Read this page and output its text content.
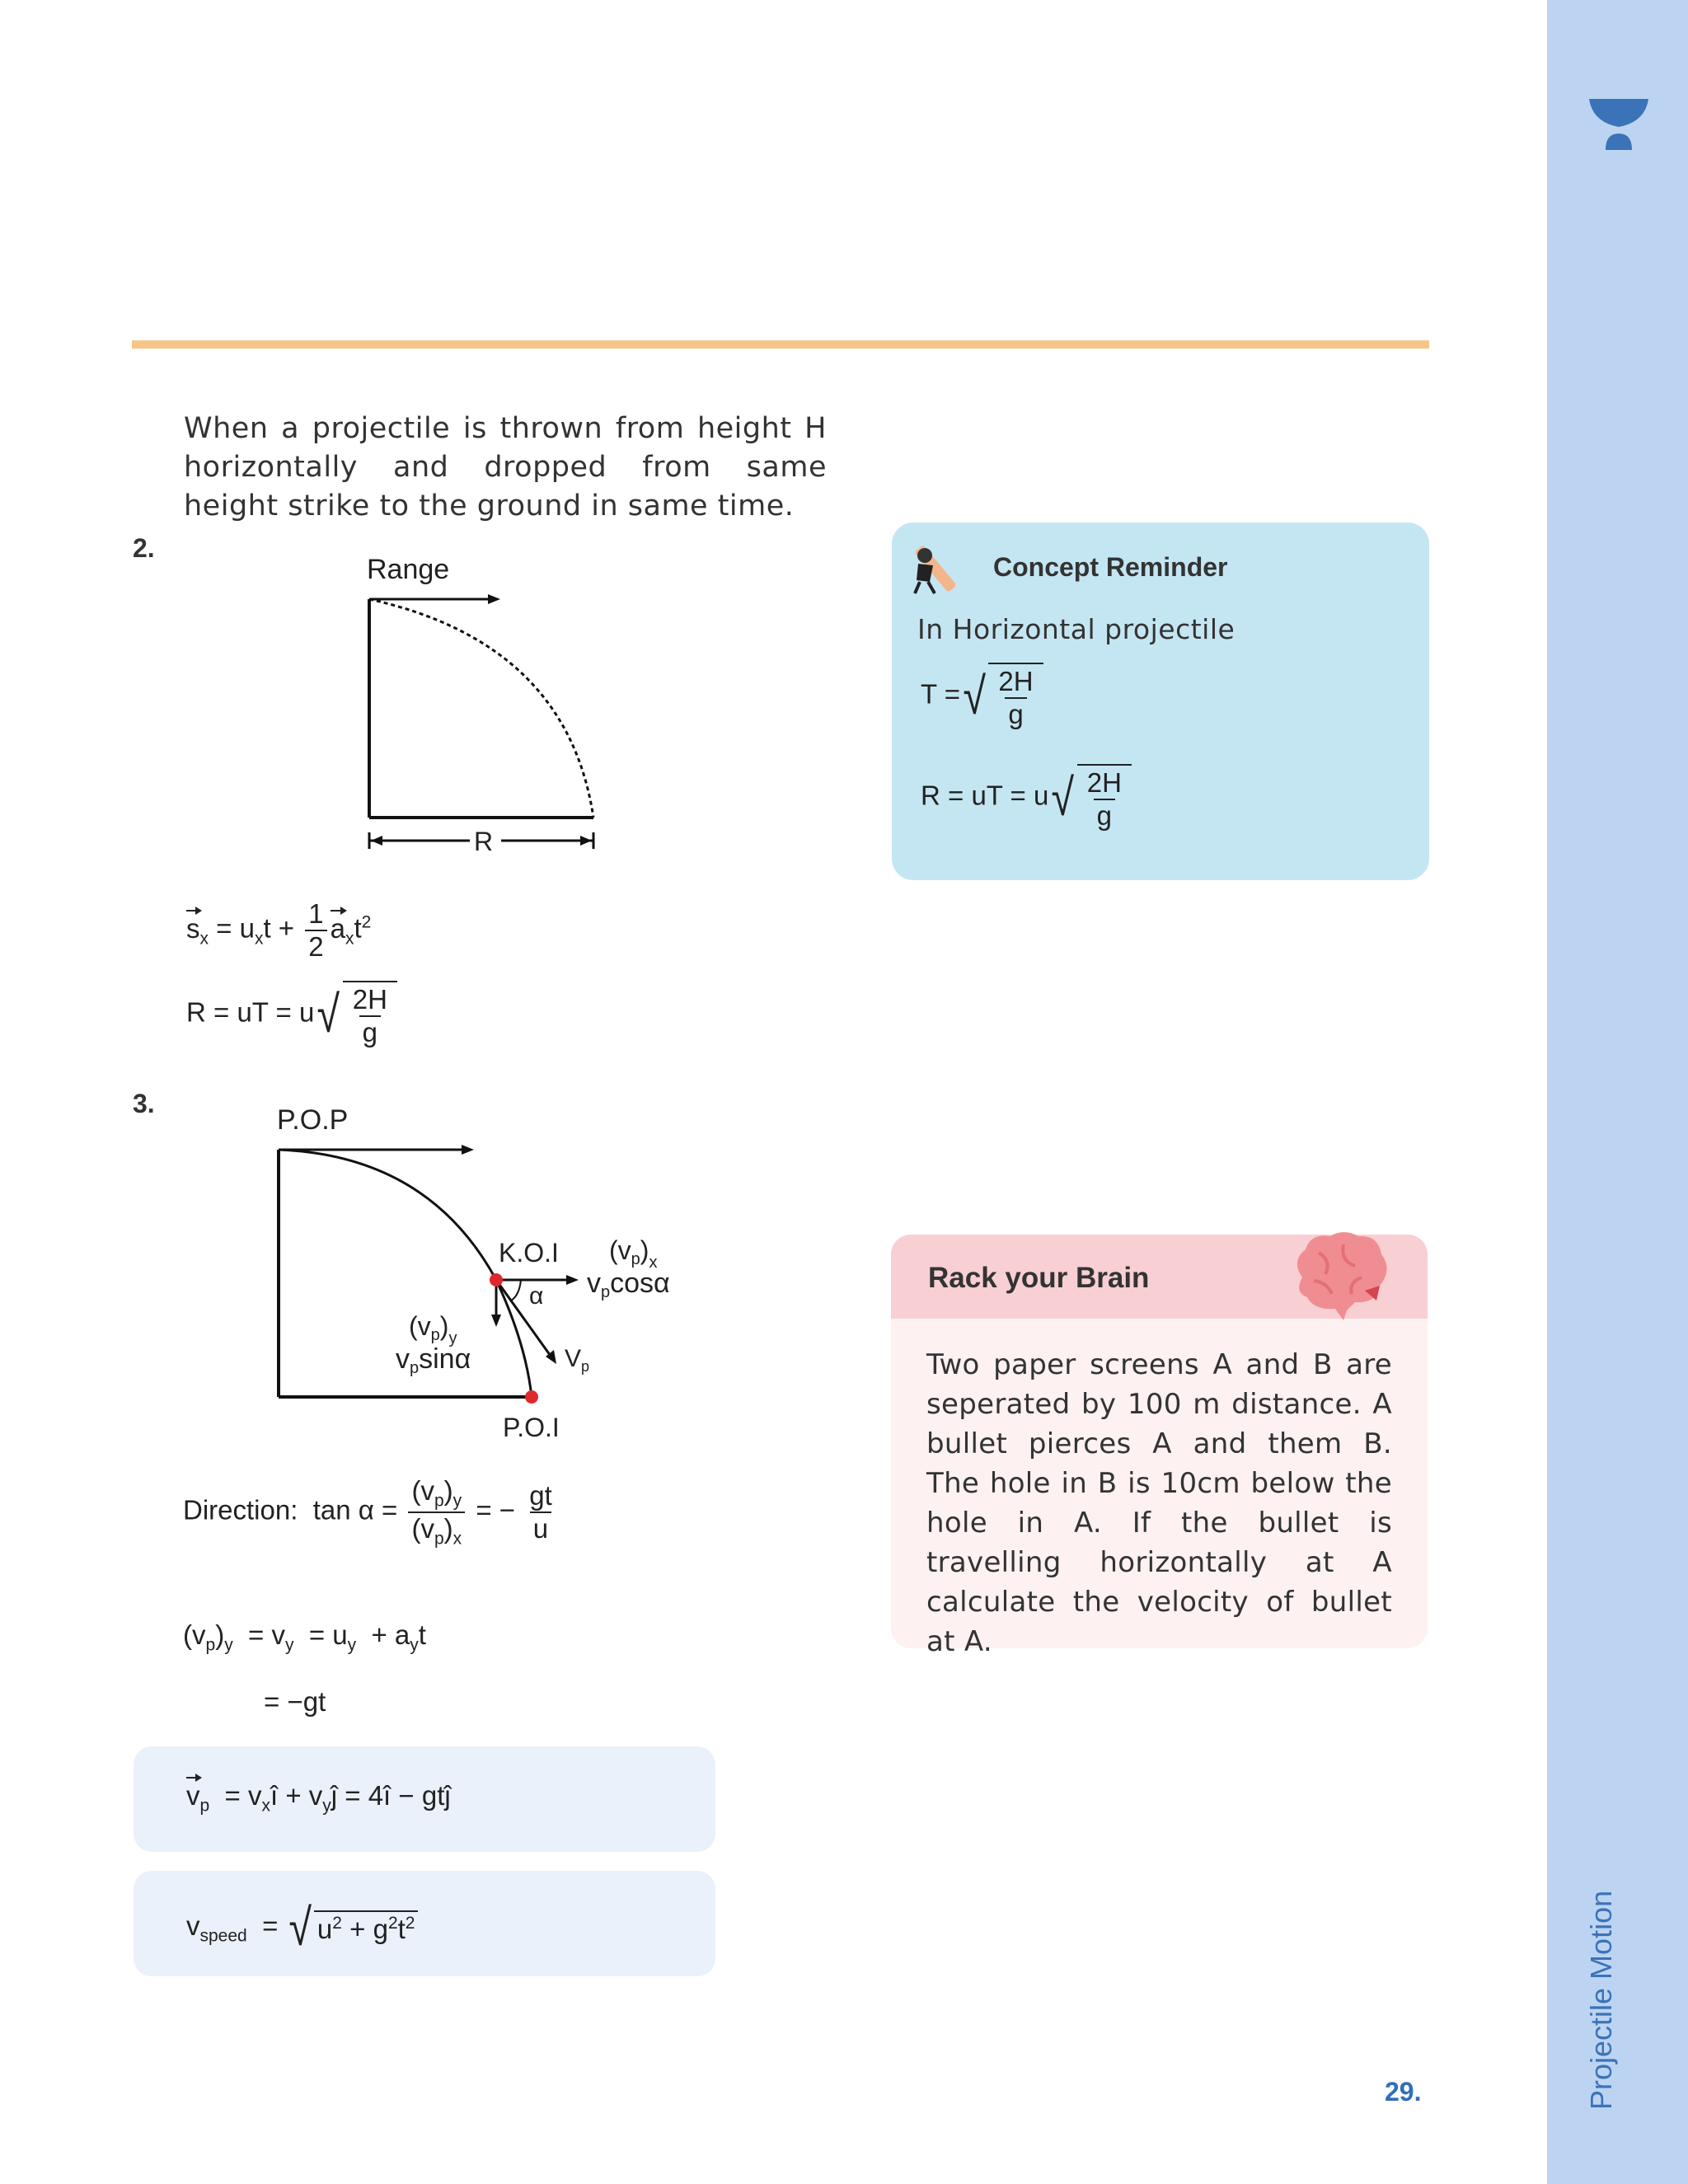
29.
When a projectile is thrown from height H horizontally and dropped from same height strike to the ground in same time.
2.
Range
R
$s_x = u_xt + \frac{1}{2} a_xt^2$
R = uT = u √ $\frac{2H}{g}$
3.
P.O.P
K.O.I
P.O.I
$(vp)_x$
vpcosα
$(vp)_y$
vpsinα
α
$V_p$
Direction: $\tan \alpha = \frac{(v_p)_y}{(v_p)_x}$ = − $\frac{gt}{u}$
$(v_p)_y = v_y = u_y + a_yt$
= −gt
$v_p$ = $v_xî$ + $v_yĵ$ = 4î − gtĵ
$v_{speed}$ = √ $u^2 + g^2t^2$
Concept Reminder
In Horizontal projectile
T = √ $\frac{2H}{g}$
R = uT = u √ $\frac{2H}{g}$
Rack your Brain
Two paper screens A and B are seperated by 100 m distance. A bullet pierces A and them B. The hole in B is 10cm below the hole in A. If the bullet is travelling horizontally at A calculate the velocity of bullet at A.
